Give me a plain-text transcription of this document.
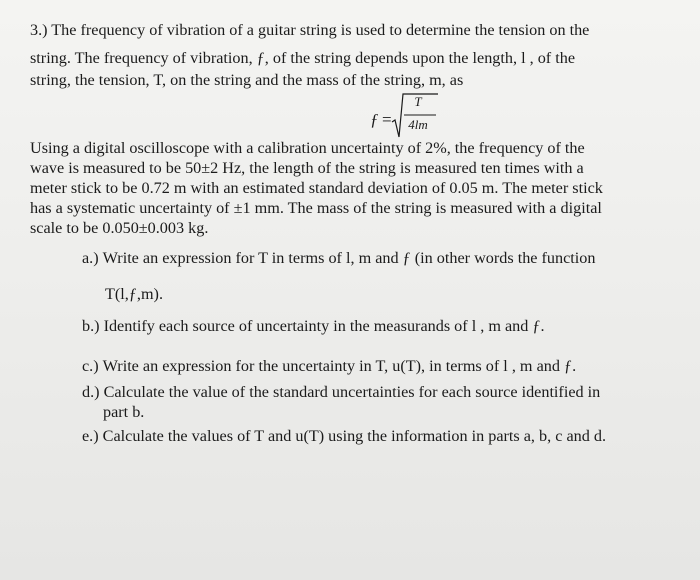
3.) The frequency of vibration of a guitar string is used to determine the tension on the
string. The frequency of vibration, ƒ, of the string depends upon the length, l , of the
string, the tension, T, on the string and the mass of the string, m, as
ƒ =
T
4lm
Using a digital oscilloscope with a calibration uncertainty of 2%, the frequency of the
wave is measured to be 50±2 Hz, the length of the string is measured ten times with a
meter stick to be 0.72 m with an estimated standard deviation of 0.05 m. The meter stick
has a systematic uncertainty of ±1 mm. The mass of the string is measured with a digital
scale to be 0.050±0.003 kg.
a.) Write an expression for T in terms of l, m and ƒ (in other words the function
T(l,ƒ,m).
b.) Identify each source of uncertainty in the measurands of l , m and ƒ.
c.) Write an expression for the uncertainty in T, u(T), in terms of l , m and ƒ.
d.) Calculate the value of the standard uncertainties for each source identified in
part b.
e.) Calculate the values of T and u(T) using the information in parts a, b, c and d.
